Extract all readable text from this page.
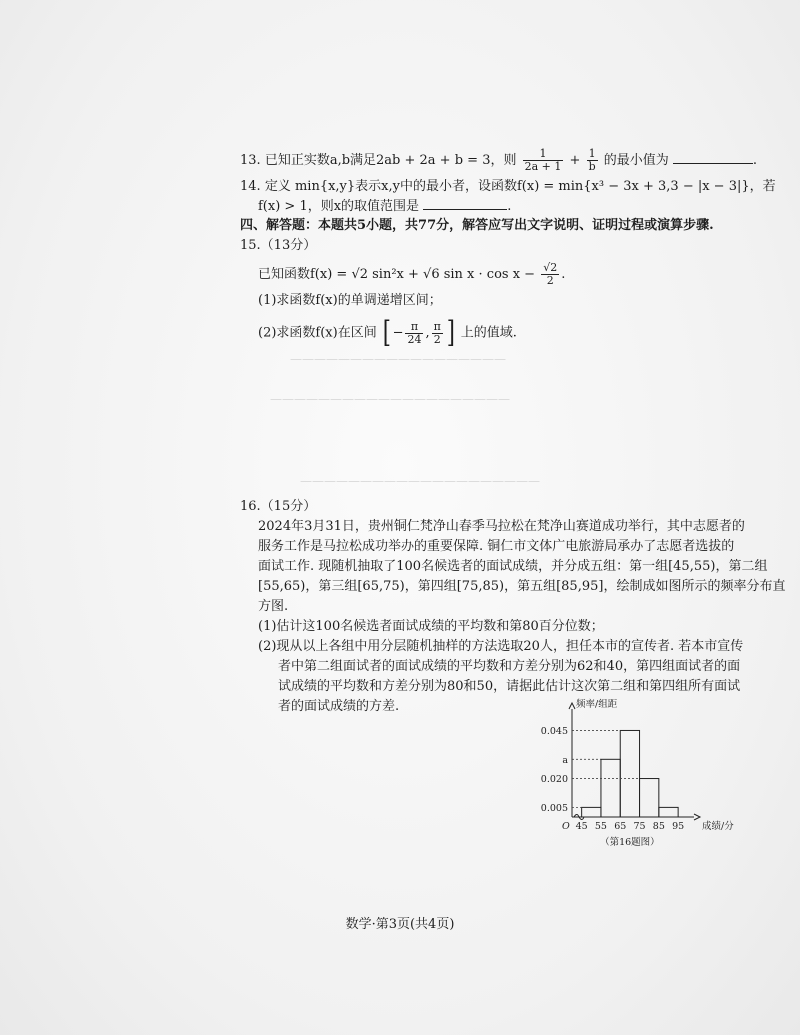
——————————————————
————————————————————
————————————————————
13. 已知正实数a,b满足2ab + 2a + b = 3，则 $\frac{1}{2a + 1} + \frac{1}{b}$ 的最小值为	.
14. 定义 min{x,y}表示x,y中的最小者，设函数f(x) = min{x³ − 3x + 3,3 − |x − 3|}，若
f(x) > 1，则x的取值范围是	.
四、解答题：本题共5小题，共77分，解答应写出文字说明、证明过程或演算步骤.
15.（13分）
已知函数f(x) = √2 sin²x + √6 $\sin x \cdot \cos x - \frac{√2}{2}$ .
(1)求函数f(x)的单调递增区间；
(2)求函数f(x)在区间 [ − $\frac{\pi}{24}$ , $\frac{\pi}{2}$ ] 上的值域.
16.（15分）
2024年3月31日，贵州铜仁梵净山春季马拉松在梵净山赛道成功举行，其中志愿者的
服务工作是马拉松成功举办的重要保障. 铜仁市文体广电旅游局承办了志愿者选拔的
面试工作. 现随机抽取了100名候选者的面试成绩，并分成五组：第一组[45,55)，第二组
[55,65)，第三组[65,75)，第四组[75,85)，第五组[85,95]，绘制成如图所示的频率分布直
方图.
(1)估计这100名候选者面试成绩的平均数和第80百分位数；
(2)现从以上各组中用分层随机抽样的方法选取20人，担任本市的宣传者. 若本市宣传
者中第二组面试者的面试成绩的平均数和方差分别为62和40，第四组面试者的面
试成绩的平均数和方差分别为80和50，请据此估计这次第二组和第四组所有面试
者的面试成绩的方差.
0.005
0.020
a
0.045
45 55 65 75 85 95
O
频率/组距
成绩/分
（第16题图）
数学·第3页(共4页)
